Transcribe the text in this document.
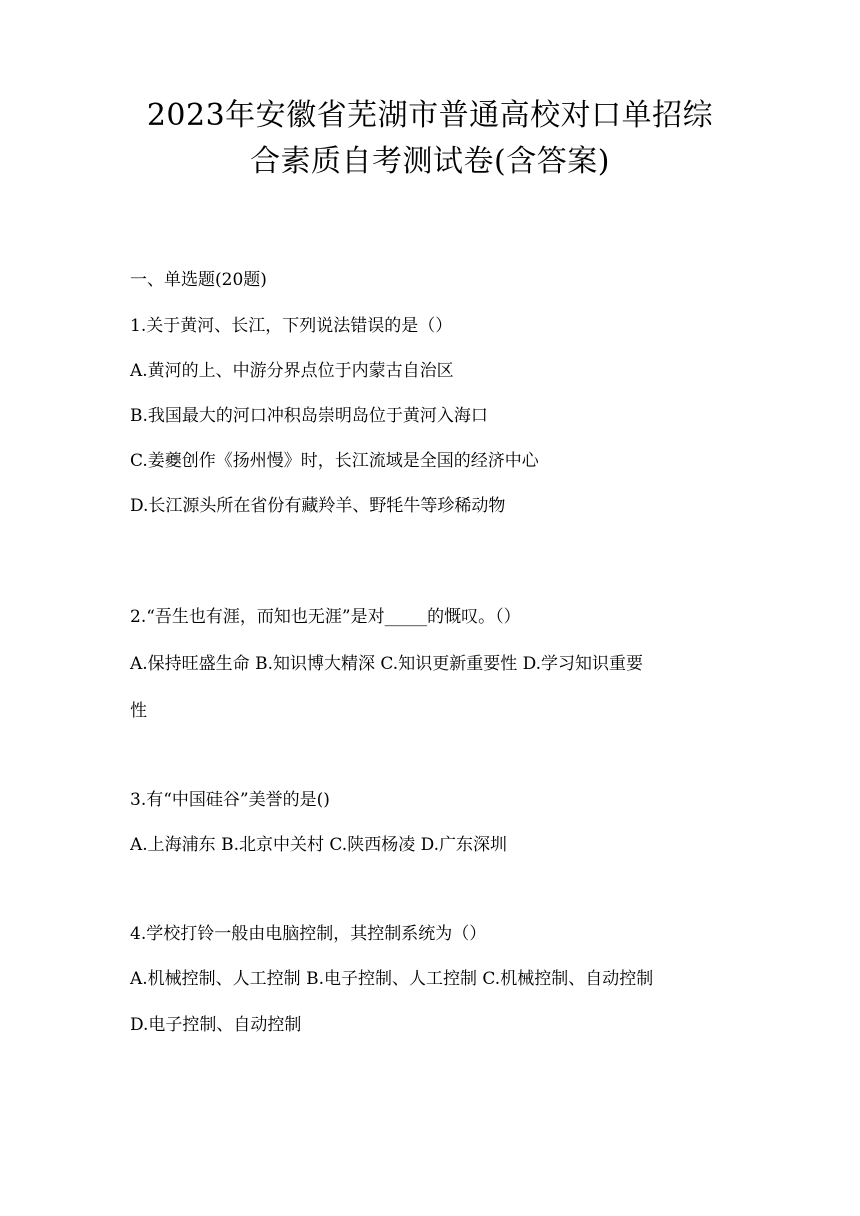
2023年安徽省芜湖市普通高校对口单招综
合素质自考测试卷(含答案)
一、单选题(20题)
1.关于黄河、长江，下列说法错误的是（）
A.黄河的上、中游分界点位于内蒙古自治区
B.我国最大的河口冲积岛崇明岛位于黄河入海口
C.姜夔创作《扬州慢》时，长江流域是全国的经济中心
D.长江源头所在省份有藏羚羊、野牦牛等珍稀动物
2.“吾生也有涯，而知也无涯”是对_____的慨叹。（）
A.保持旺盛生命 B.知识博大精深 C.知识更新重要性 D.学习知识重要
性
3.有“中国硅谷”美誉的是()
A.上海浦东 B.北京中关村 C.陕西杨凌 D.广东深圳
4.学校打铃一般由电脑控制，其控制系统为（）
A.机械控制、人工控制 B.电子控制、人工控制 C.机械控制、自动控制
D.电子控制、自动控制
